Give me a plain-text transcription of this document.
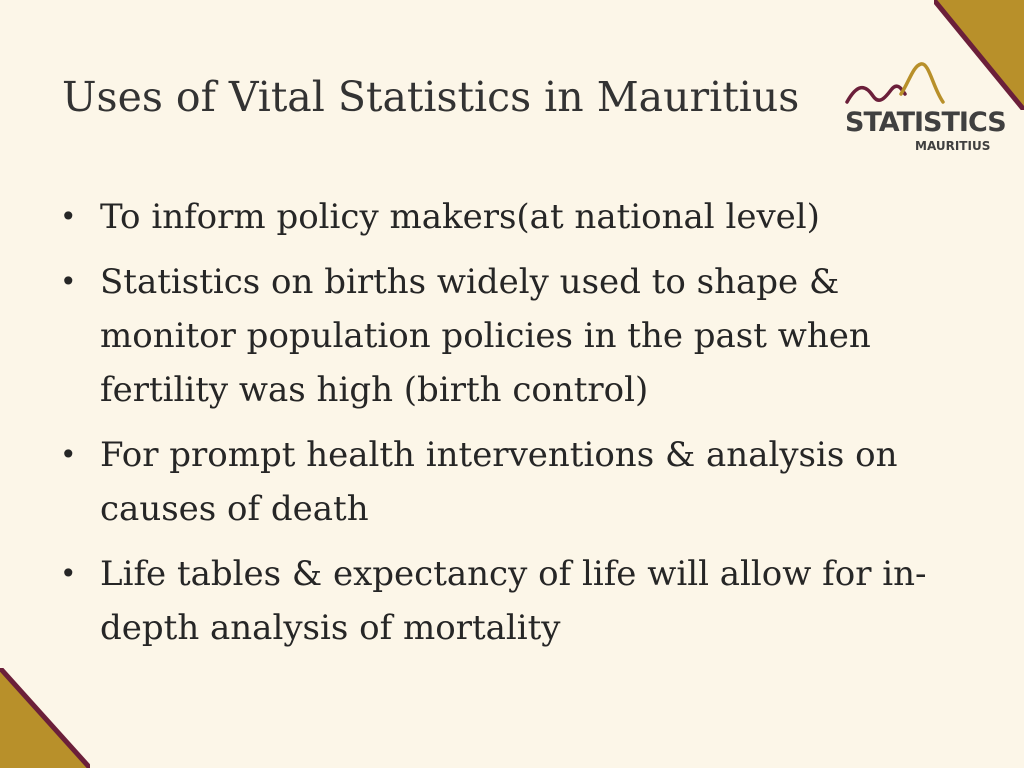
Uses of Vital Statistics in Mauritius
STATISTICS
MAURITIUS
• To inform policy makers(at national level)
• Statistics on births widely used to shape & monitor population policies in the past when fertility was high (birth control)
• For prompt health interventions & analysis on causes of death
• Life tables & expectancy of life will allow for in-depth analysis of mortality
